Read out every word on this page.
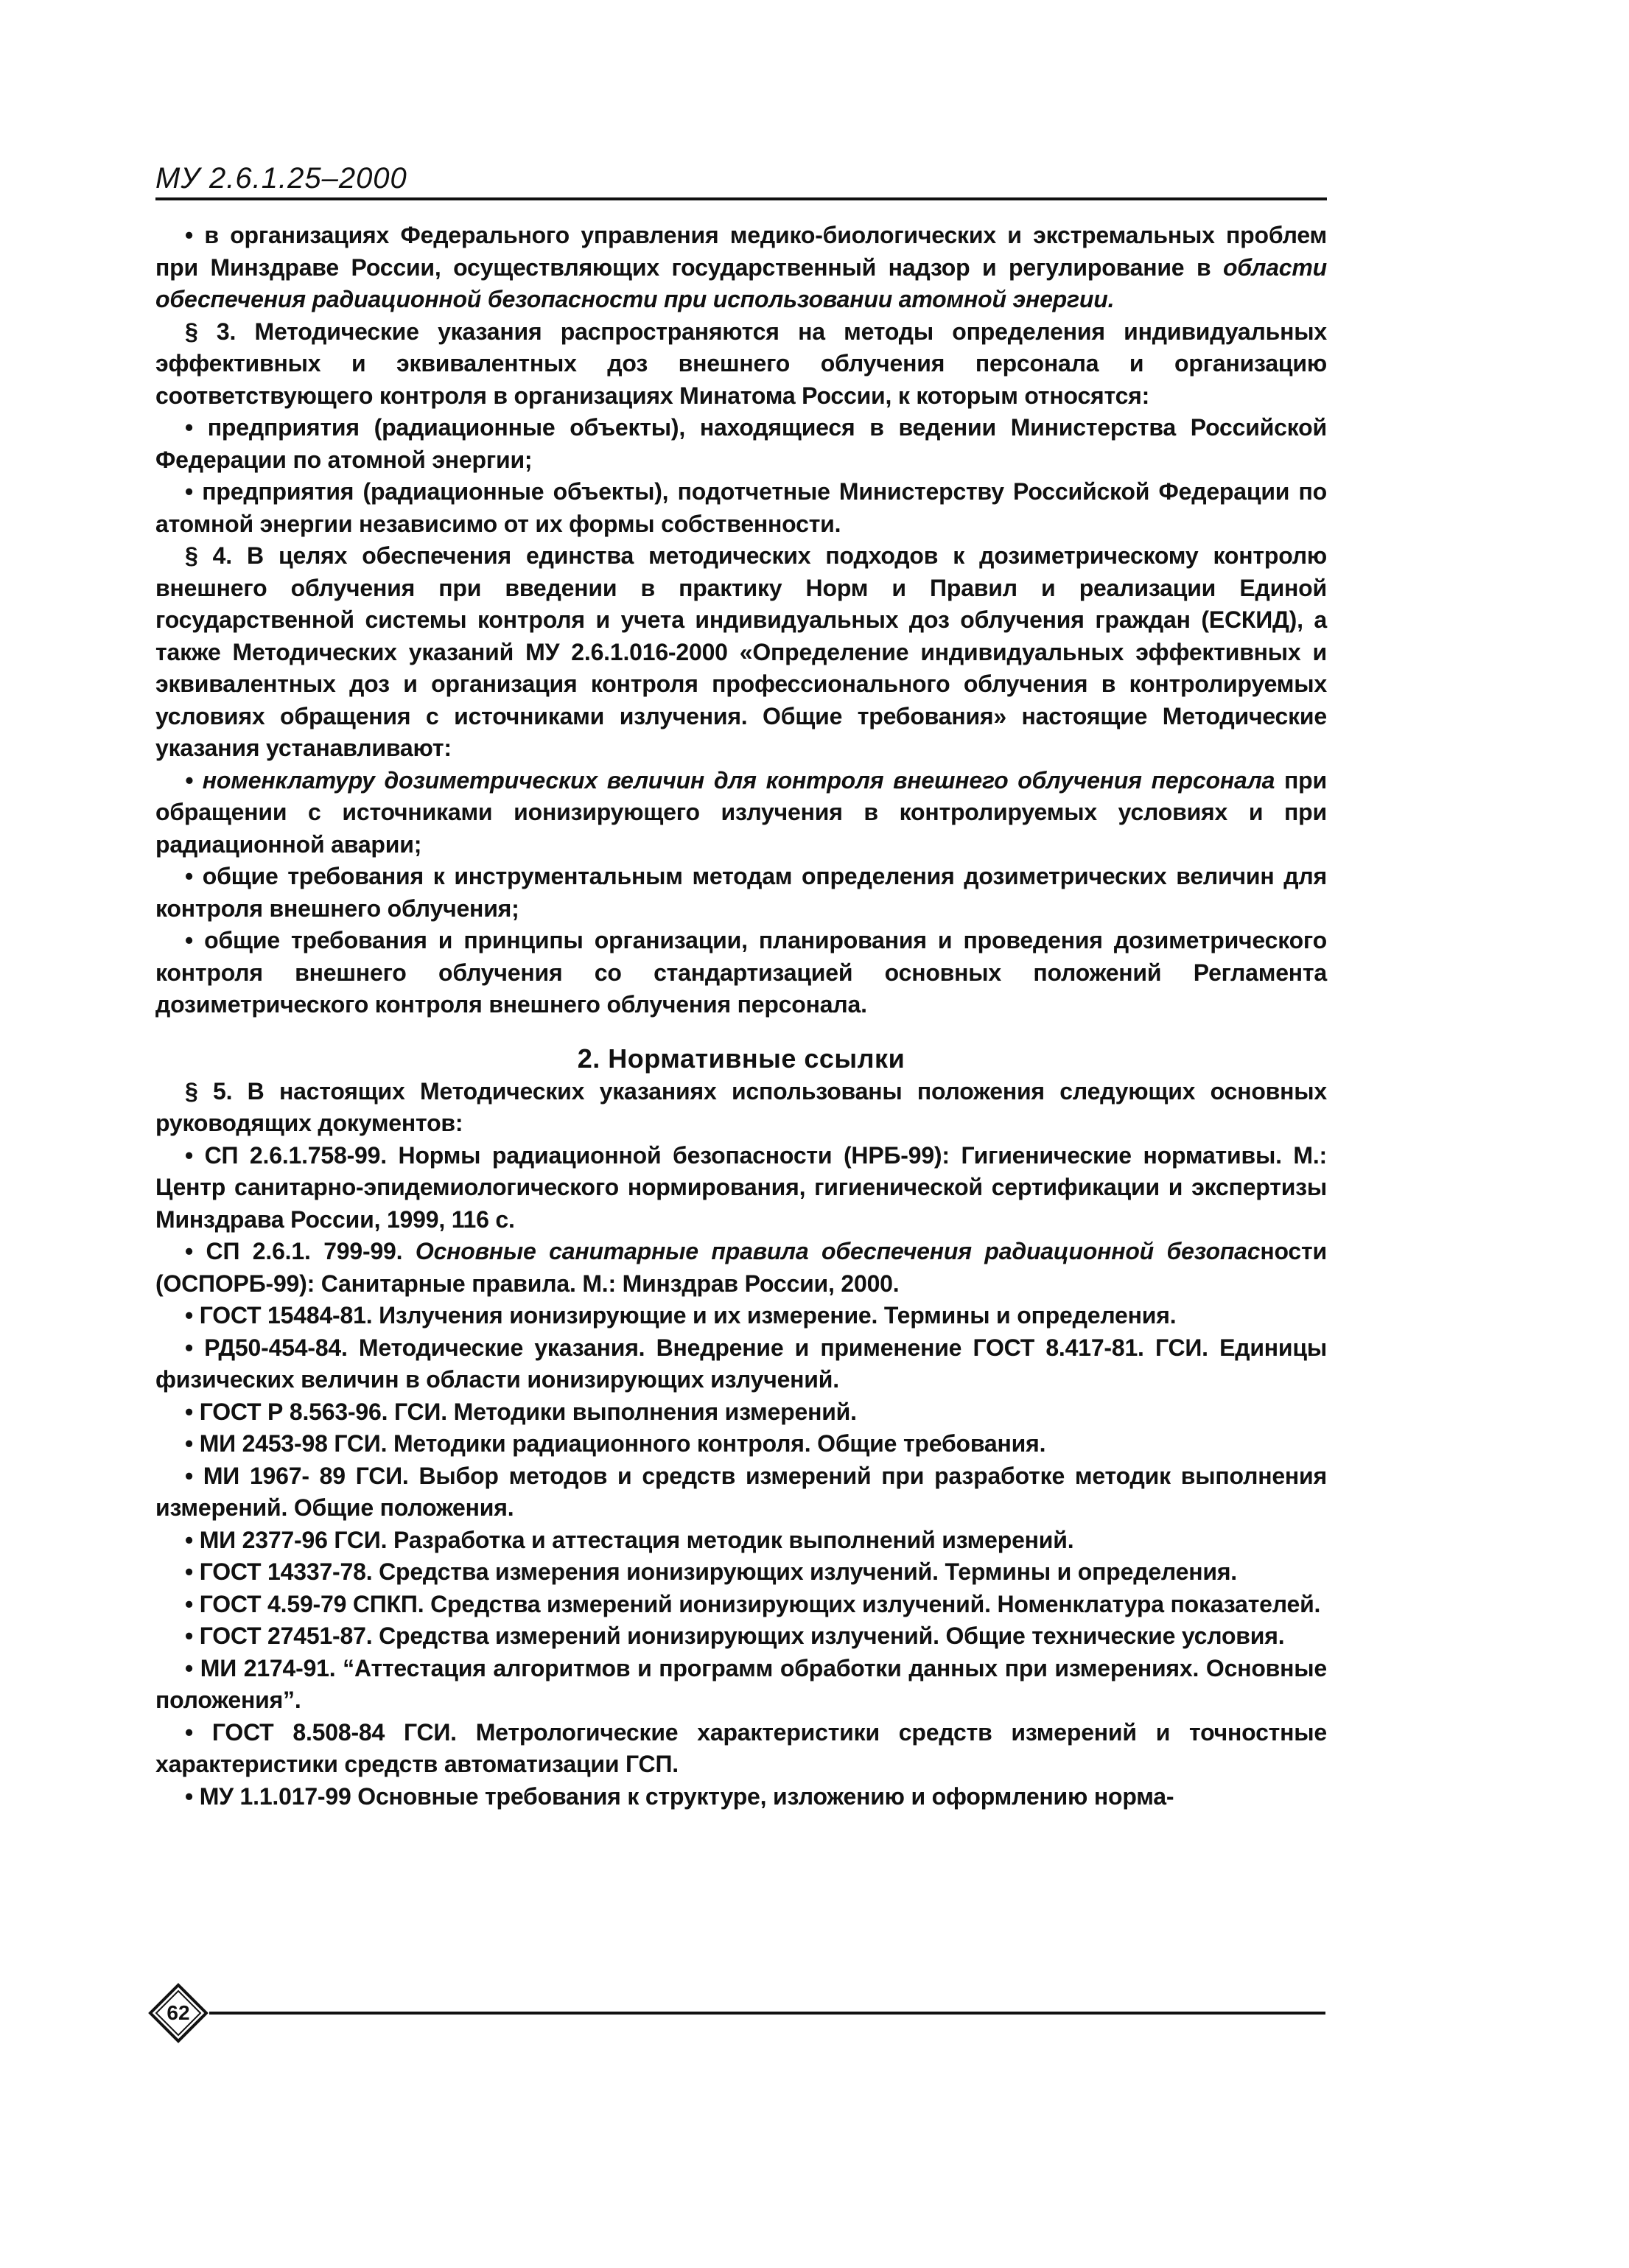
МУ 2.6.1.25–2000

• в организациях Федерального управления медико-биологических и экстремальных проблем при Минздраве России, осуществляющих государственный надзор и регулирование в области обеспечения радиационной безопасности при использовании атомной энергии.

§ 3. Методические указания распространяются на методы определения индивидуальных эффективных и эквивалентных доз внешнего облучения персонала и организацию соответствующего контроля в организациях Минатома России, к которым относятся:

• предприятия (радиационные объекты), находящиеся в ведении Министерства Российской Федерации по атомной энергии;

• предприятия (радиационные объекты), подотчетные Министерству Российской Федерации по атомной энергии независимо от их формы собственности.

§ 4. В целях обеспечения единства методических подходов к дозиметрическому контролю внешнего облучения при введении в практику Норм и Правил и реализации Единой государственной системы контроля и учета индивидуальных доз облучения граждан (ЕСКИД), а также Методических указаний МУ 2.6.1.016-2000 «Определение индивидуальных эффективных и эквивалентных доз и организация контроля профессионального облучения в контролируемых условиях обращения с источниками излучения. Общие требования» настоящие Методические указания устанавливают:

• номенклатуру дозиметрических величин для контроля внешнего облучения персонала при обращении с источниками ионизирующего излучения в контролируемых условиях и при радиационной аварии;

• общие требования к инструментальным методам определения дозиметрических величин для контроля внешнего облучения;

• общие требования и принципы организации, планирования и проведения дозиметрического контроля внешнего облучения со стандартизацией основных положений Регламента дозиметрического контроля внешнего облучения персонала.

2. Нормативные ссылки

§ 5. В настоящих Методических указаниях использованы положения следующих основных руководящих документов:

• СП 2.6.1.758-99. Нормы радиационной безопасности (НРБ-99): Гигиенические нормативы. М.: Центр санитарно-эпидемиологического нормирования, гигиенической сертификации и экспертизы Минздрава России, 1999, 116 с.

• СП 2.6.1. 799-99. Основные санитарные правила обеспечения радиационной безопасности (ОСПОРБ-99): Санитарные правила. М.: Минздрав России, 2000.

• ГОСТ 15484-81. Излучения ионизирующие и их измерение. Термины и определения.

• РД50-454-84. Методические указания. Внедрение и применение ГОСТ 8.417-81. ГСИ. Единицы физических величин в области ионизирующих излучений.

• ГОСТ Р 8.563-96. ГСИ. Методики выполнения измерений.

• МИ 2453-98 ГСИ. Методики радиационного контроля. Общие требования.

• МИ 1967- 89 ГСИ. Выбор методов и средств измерений при разработке методик выполнения измерений. Общие положения.

• МИ 2377-96 ГСИ. Разработка и аттестация методик выполнений измерений.

• ГОСТ 14337-78. Средства измерения ионизирующих излучений. Термины и определения.

• ГОСТ 4.59-79 СПКП. Средства измерений ионизирующих излучений. Номенклатура показателей.

• ГОСТ 27451-87. Средства измерений ионизирующих излучений. Общие технические условия.

• МИ 2174-91. “Аттестация алгоритмов и программ обработки данных при измерениях. Основные положения”.

• ГОСТ 8.508-84 ГСИ. Метрологические характеристики средств измерений и точностные характеристики средств автоматизации ГСП.

• МУ 1.1.017-99 Основные требования к структуре, изложению и оформлению норма-

62
